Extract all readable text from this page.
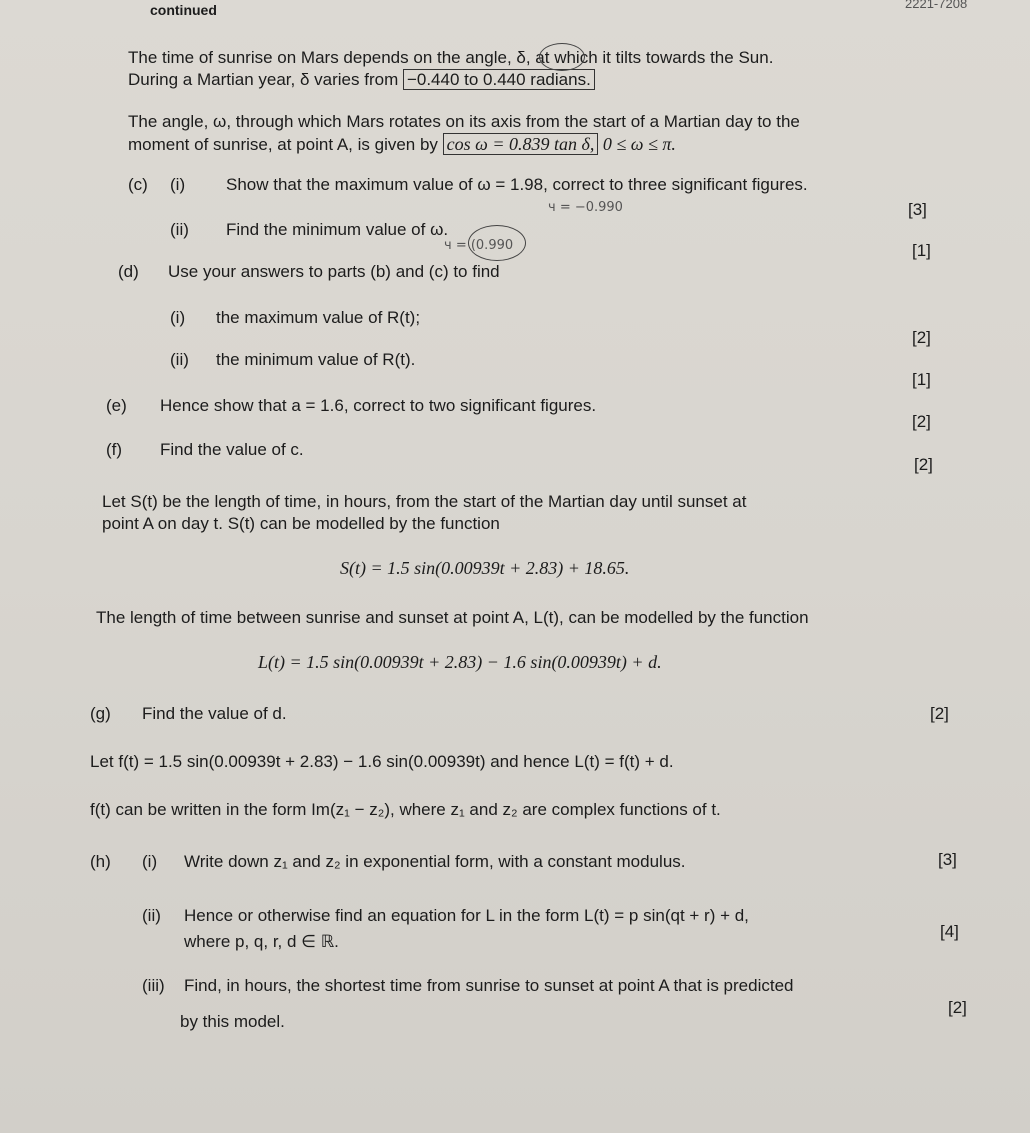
continued	2221-7208
The time of sunrise on Mars depends on the angle, δ, at which it tilts towards the Sun.
During a Martian year, δ varies from −0.440 to 0.440 radians.
The angle, ω, through which Mars rotates on its axis from the start of a Martian day to the
moment of sunrise, at point A, is given by cos ω = 0.839 tan δ, 0 ≤ ω ≤ π.
(c) (i) Show that the maximum value of ω = 1.98, correct to three significant figures.
[3]
ч = −0.990
(ii) Find the minimum value of ω.
ч = (0.990	[1]
(d) Use your answers to parts (b) and (c) to find
(i) the maximum value of R(t);
[2]
(ii) the minimum value of R(t).
[1]
(e) Hence show that a = 1.6, correct to two significant figures.
[2]
(f) Find the value of c.
[2]
Let S(t) be the length of time, in hours, from the start of the Martian day until sunset at
point A on day t. S(t) can be modelled by the function
S(t) = 1.5 sin(0.00939t + 2.83) + 18.65.
The length of time between sunrise and sunset at point A, L(t), can be modelled by the function
L(t) = 1.5 sin(0.00939t + 2.83) − 1.6 sin(0.00939t) + d.
(g) Find the value of d.	[2]
Let f(t) = 1.5 sin(0.00939t + 2.83) − 1.6 sin(0.00939t) and hence L(t) = f(t) + d.
f(t) can be written in the form Im(z₁ − z₂), where z₁ and z₂ are complex functions of t.
(h) (i) Write down z₁ and z₂ in exponential form, with a constant modulus.	[3]
(ii) Hence or otherwise find an equation for L in the form L(t) = p sin(qt + r) + d,
where p, q, r, d ∈ ℝ.
[4]
(iii) Find, in hours, the shortest time from sunrise to sunset at point A that is predicted
by this model.
[2]
